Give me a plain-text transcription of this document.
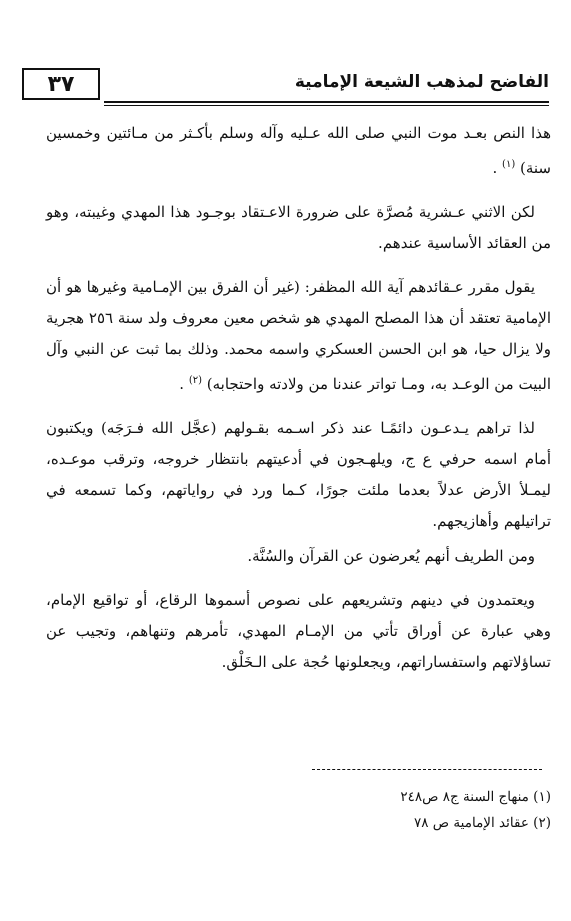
٣٧	الفاضح لمذهب الشيعة الإمامية

هذا النص بعـد موت النبي صلى الله عـليه وآله وسلم بأكـثر من مـائتين وخمسين سنة) $^{(١)}$ .

لكن الاثني عـشرية مُصرَّة على ضرورة الاعـتقاد بوجـود هذا المهدي وغيبته، وهو من العقائد الأساسية عندهم.

يقول مقرر عـقائدهم آية الله المظفر: (غير أن الفرق بين الإمـامية وغيرها هو أن الإمامية تعتقد أن هذا المصلح المهدي هو شخص معين معروف ولد سنة ٢٥٦ هجرية ولا يزال حيا، هو ابن الحسن العسكري واسمه محمد. وذلك بما ثبت عن النبي وآل البيت من الوعـد به، ومـا تواتر عندنا من ولادته واحتجابه) $^{(٢)}$ .

لذا تراهم يـدعـون دائمًـا عند ذكر اسـمه بقـولهم (عجَّل الله فـرَجَه) ويكتبون أمام اسمه حرفي ع ج، ويلهـجون في أدعيتهم بانتظار خروجه، وترقب موعـده، ليمـلأ الأرض عدلاً بعدما ملئت جورًا، كـما ورد في رواياتهم، وكما تسمعه في تراتيلهم وأهازيجهم.

ومن الطريف أنهم يُعرضون عن القرآن والسُنَّة.

ويعتمدون في دينهم وتشريعهم على نصوص أسموها الرقاع، أو تواقيع الإمام، وهي عبارة عن أوراق تأتي من الإمـام المهدي، تأمرهم وتنهاهم، وتجيب عن تساؤلاتهم واستفساراتهم، ويجعلونها حُجة على الـخَلْق.

(١) منهاج السنة ج٨ ص٢٤٨
(٢) عقائد الإمامية ص ٧٨
